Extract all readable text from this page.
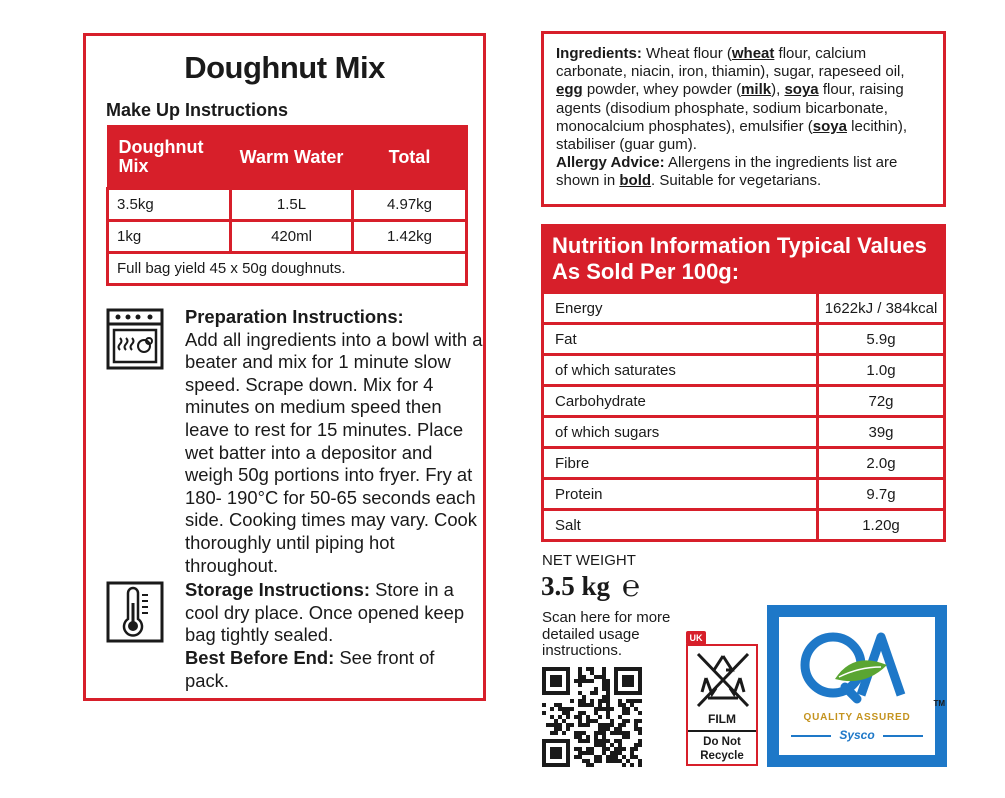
Doughnut Mix
Make Up Instructions
Doughnut Mix	Warm Water	Total
3.5kg	1.5L	4.97kg
1kg	420ml	1.42kg
Full bag yield 45 x 50g doughnuts.		

Preparation Instructions:
Add all ingredients into a bowl with a beater and mix for 1 minute slow speed. Scrape down. Mix for 4 minutes on medium speed then leave to rest for 15 minutes. Place wet batter into a depositor and weigh 50g portions into fryer. Fry at 180- 190°C for 50-65 seconds each side. Cooking times may vary. Cook thoroughly until piping hot throughout.

Storage Instructions: Store in a cool dry place. Once opened keep bag tightly sealed.

Best Before End: See front of pack.

Ingredients: Wheat flour (wheat flour, calcium carbonate, niacin, iron, thiamin), sugar, rapeseed oil, egg powder, whey powder (milk), soya flour, raising agents (disodium phosphate, sodium bicarbonate, monocalcium phosphates), emulsifier (soya lecithin), stabiliser (guar gum).
Allergy Advice: Allergens in the ingredients list are shown in bold. Suitable for vegetarians.
Nutrition Information Typical Values As Sold Per 100g:
Energy	1622kJ / 384kcal
Fat	5.9g
of which saturates	1.0g
Carbohydrate	72g
of which sugars	39g
Fibre	2.0g
Protein	9.7g
Salt	1.20g
NET WEIGHT
3.5 kg ℮
Scan here for more detailed usage instructions.
UK
FILM
Do Not
Recycle
TM
QUALITY ASSURED
Sysco
